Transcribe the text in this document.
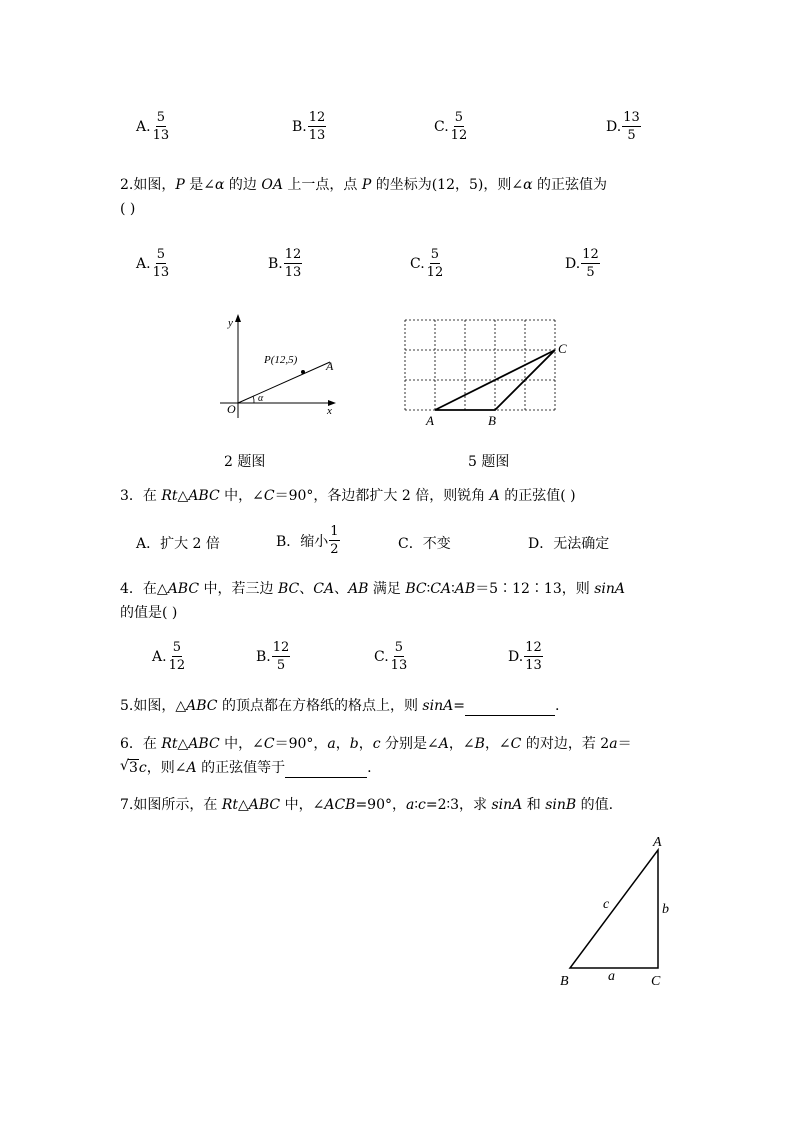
A. $\frac{5}{13}$	B. $\frac{12}{13}$	C. $\frac{5}{12}$	D. $\frac{13}{5}$
2.如图，P 是∠α 的边 OA 上一点，点 P 的坐标为(12，5)，则∠α 的正弦值为
( )
A. $\frac{5}{13}$	B. $\frac{12}{13}$	C. $\frac{5}{12}$	D. $\frac{12}{5}$
y
x
O
P(12,5) A
α
A	B
C
2 题图	5 题图
3．在 Rt△ABC 中，∠C＝90°，各边都扩大 2 倍，则锐角 A 的正弦值( )
A．扩大 2 倍	B．缩小 $\frac{1}{2}$	C．不变	D．无法确定
4．在△ABC 中，若三边 BC、CA、AB 满足 BC∶CA∶AB＝5∶12∶13，则 sinA
的值是( )
A. $\frac{5}{12}$	B. $\frac{12}{5}$	C. $\frac{5}{13}$	D. $\frac{12}{13}$
5.如图，△ABC 的顶点都在方格纸的格点上，则 sinA=	.
6．在 Rt△ABC 中，∠C＝90°，a，b，c 分别是∠A，∠B，∠C 的对边，若 2a＝
√ 3c，则∠A 的正弦值等于	.
7.如图所示，在 Rt△ABC 中，∠ACB=90°，a∶c=2∶3，求 sinA 和 sinB 的值.
A
B	C
a
b
c
